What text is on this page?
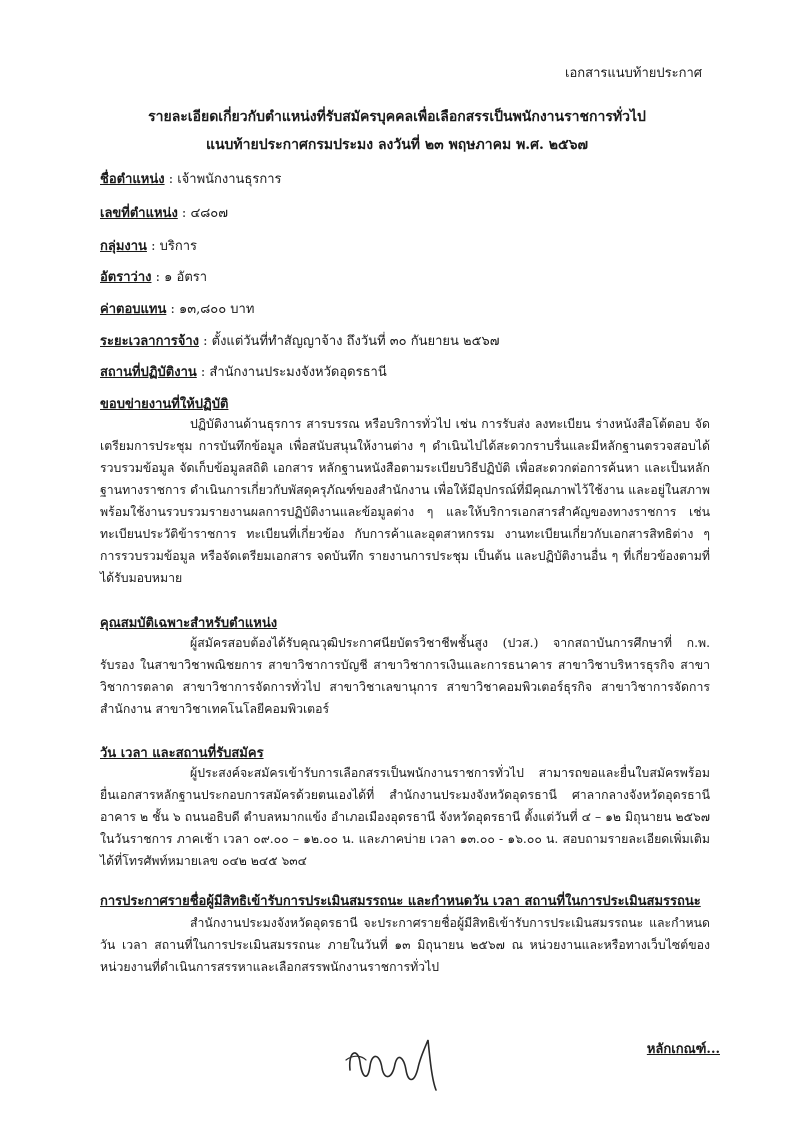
เอกสารแนบท้ายประกาศ
รายละเอียดเกี่ยวกับตำแหน่งที่รับสมัครบุคคลเพื่อเลือกสรรเป็นพนักงานราชการทั่วไป
แนบท้ายประกาศกรมประมง ลงวันที่ ๒๓ พฤษภาคม พ.ศ. ๒๕๖๗
ชื่อตำแหน่ง : เจ้าพนักงานธุรการ
เลขที่ตำแหน่ง : ๔๘๐๗
กลุ่มงาน : บริการ
อัตราว่าง : ๑ อัตรา
ค่าตอบแทน : ๑๓,๘๐๐ บาท
ระยะเวลาการจ้าง : ตั้งแต่วันที่ทำสัญญาจ้าง ถึงวันที่ ๓๐ กันยายน ๒๕๖๗
สถานที่ปฏิบัติงาน : สำนักงานประมงจังหวัดอุดรธานี
ขอบข่ายงานที่ให้ปฏิบัติ

ปฏิบัติงานด้านธุรการ สารบรรณ หรือบริการทั่วไป เช่น การรับส่ง ลงทะเบียน ร่างหนังสือโต้ตอบ จัดเตรียมการประชุม การบันทึกข้อมูล เพื่อสนับสนุนให้งานต่าง ๆ ดำเนินไปได้สะดวกราบรื่นและมีหลักฐานตรวจสอบได้ รวบรวมข้อมูล จัดเก็บข้อมูลสถิติ เอกสาร หลักฐานหนังสือตามระเบียบวิธีปฏิบัติ เพื่อสะดวกต่อการค้นหา และเป็นหลักฐานทางราชการ ดำเนินการเกี่ยวกับพัสดุครุภัณฑ์ของสำนักงาน เพื่อให้มีอุปกรณ์ที่มีคุณภาพไว้ใช้งาน และอยู่ในสภาพพร้อมใช้งานรวบรวมรายงานผลการปฏิบัติงานและข้อมูลต่าง ๆ และให้บริการเอกสารสำคัญของทางราชการ เช่น ทะเบียนประวัติข้าราชการ ทะเบียนที่เกี่ยวข้อง กับการค้าและอุตสาหกรรม งานทะเบียนเกี่ยวกับเอกสารสิทธิต่าง ๆ การรวบรวมข้อมูล หรือจัดเตรียมเอกสาร จดบันทึก รายงานการประชุม เป็นต้น และปฏิบัติงานอื่น ๆ ที่เกี่ยวข้องตามที่ได้รับมอบหมาย

คุณสมบัติเฉพาะสำหรับตำแหน่ง

ผู้สมัครสอบต้องได้รับคุณวุฒิประกาศนียบัตรวิชาชีพชั้นสูง (ปวส.) จากสถาบันการศึกษาที่ ก.พ. รับรอง ในสาขาวิชาพณิชยการ สาขาวิชาการบัญชี สาขาวิชาการเงินและการธนาคาร สาขาวิชาบริหารธุรกิจ สาขาวิชาการตลาด สาขาวิชาการจัดการทั่วไป สาขาวิชาเลขานุการ สาขาวิชาคอมพิวเตอร์ธุรกิจ สาขาวิชาการจัดการสำนักงาน สาขาวิชาเทคโนโลยีคอมพิวเตอร์

วัน เวลา และสถานที่รับสมัคร

ผู้ประสงค์จะสมัครเข้ารับการเลือกสรรเป็นพนักงานราชการทั่วไป สามารถขอและยื่นใบสมัครพร้อมยื่นเอกสารหลักฐานประกอบการสมัครด้วยตนเองได้ที่ สำนักงานประมงจังหวัดอุดรธานี ศาลากลางจังหวัดอุดรธานี อาคาร ๒ ชั้น ๖ ถนนอธิบดี ตำบลหมากแข้ง อำเภอเมืองอุดรธานี จังหวัดอุดรธานี ตั้งแต่วันที่ ๔ – ๑๒ มิถุนายน ๒๕๖๗ ในวันราชการ ภาคเช้า เวลา ๐๙.๐๐ – ๑๒.๐๐ น. และภาคบ่าย เวลา ๑๓.๐๐ - ๑๖.๐๐ น. สอบถามรายละเอียดเพิ่มเติมได้ที่โทรศัพท์หมายเลข ๐๔๒ ๒๔๕ ๖๓๔

การประกาศรายชื่อผู้มีสิทธิเข้ารับการประเมินสมรรถนะ และกำหนดวัน เวลา สถานที่ในการประเมินสมรรถนะ

สำนักงานประมงจังหวัดอุดรธานี จะประกาศรายชื่อผู้มีสิทธิเข้ารับการประเมินสมรรถนะ และกำหนดวัน เวลา สถานที่ในการประเมินสมรรถนะ ภายในวันที่ ๑๓ มิถุนายน ๒๕๖๗ ณ หน่วยงานและหรือทางเว็บไซต์ของหน่วยงานที่ดำเนินการสรรหาและเลือกสรรพนักงานราชการทั่วไป

หลักเกณฑ์...
